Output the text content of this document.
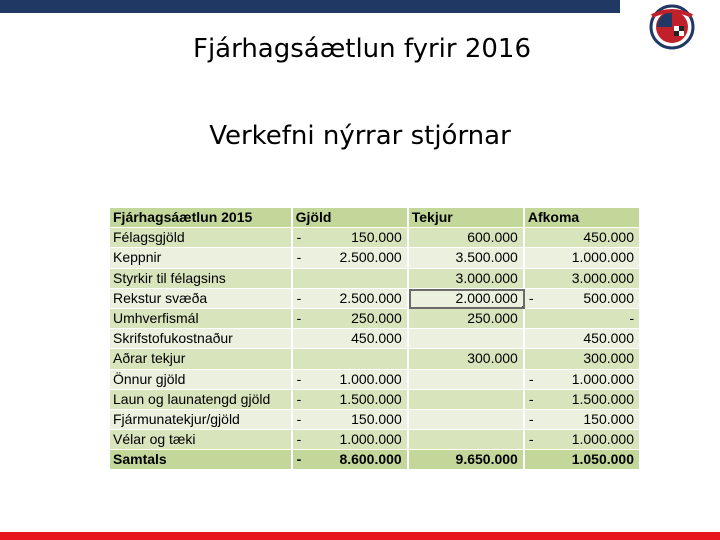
Fjárhagsáætlun fyrir 2016
Verkefni nýrrar stjórnar
Fjárhagsáætlun 2015	Gjöld	Tekjur	Afkoma

Félagsgjöld	- 150.000	600.000	450.000

Keppnir	- 2.500.000	3.500.000	1.000.000

Styrkir til félagsins		3.000.000	3.000.000

Rekstur svæða	- 2.500.000	2.000.000	- 500.000

Umhverfismál	- 250.000	250.000	-

Skrifstofukostnaður	450.000		450.000

Aðrar tekjur		300.000	300.000

Önnur gjöld	- 1.000.000		- 1.000.000

Laun og launatengd gjöld	- 1.500.000		- 1.500.000

Fjármunatekjur/gjöld	- 150.000		- 150.000

Vélar og tæki	- 1.000.000		- 1.000.000

Samtals	- 8.600.000	9.650.000	1.050.000
